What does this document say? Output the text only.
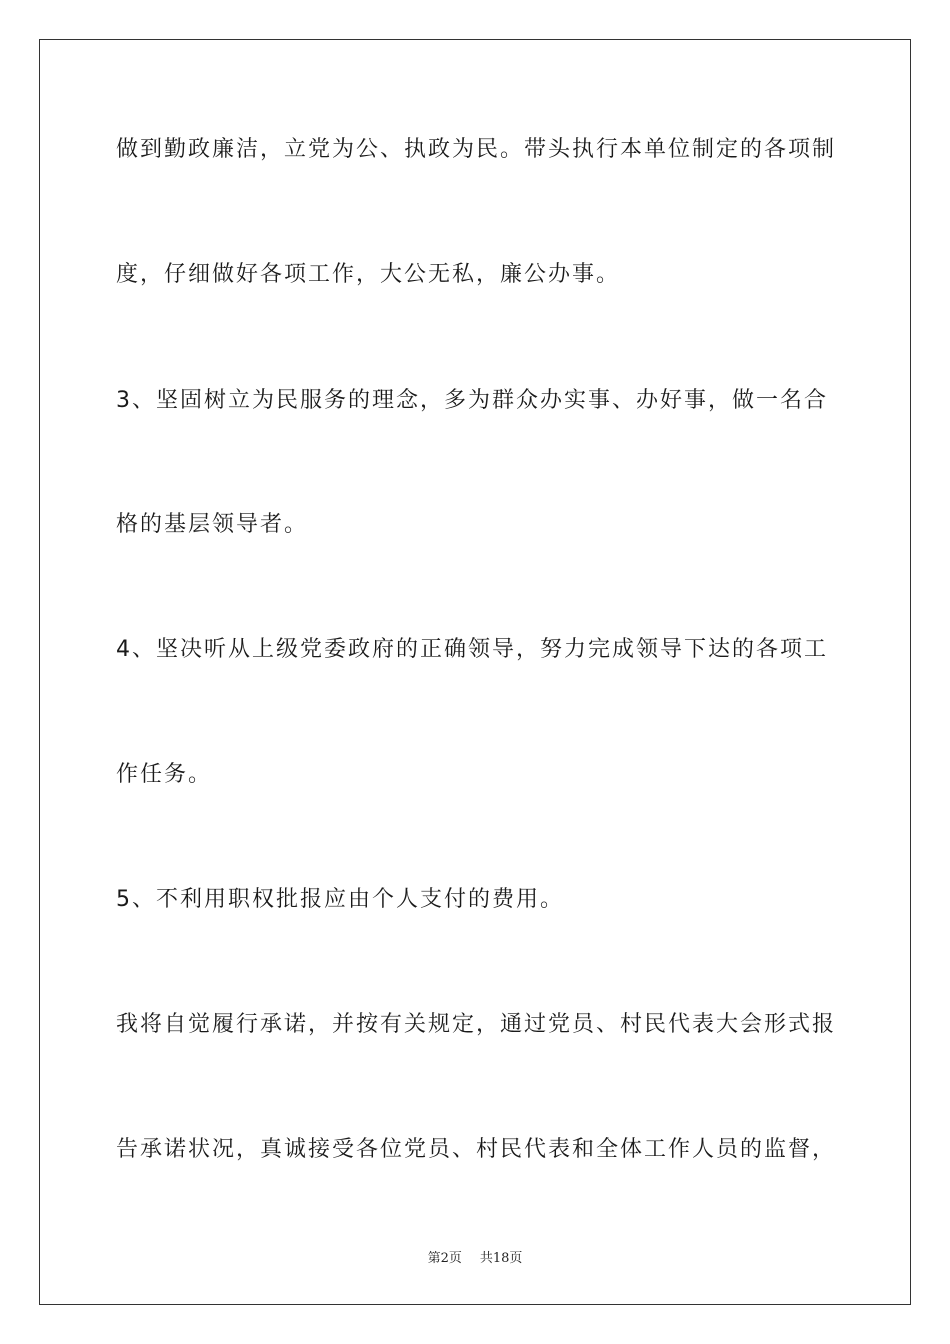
做到勤政廉洁，立党为公、执政为民。带头执行本单位制定的各项制
度，仔细做好各项工作，大公无私，廉公办事。
3、坚固树立为民服务的理念，多为群众办实事、办好事，做一名合
格的基层领导者。
4、坚决听从上级党委政府的正确领导，努力完成领导下达的各项工
作任务。
5、不利用职权批报应由个人支付的费用。
我将自觉履行承诺，并按有关规定，通过党员、村民代表大会形式报
告承诺状况，真诚接受各位党员、村民代表和全体工作人员的监督，
第2页 共18页
